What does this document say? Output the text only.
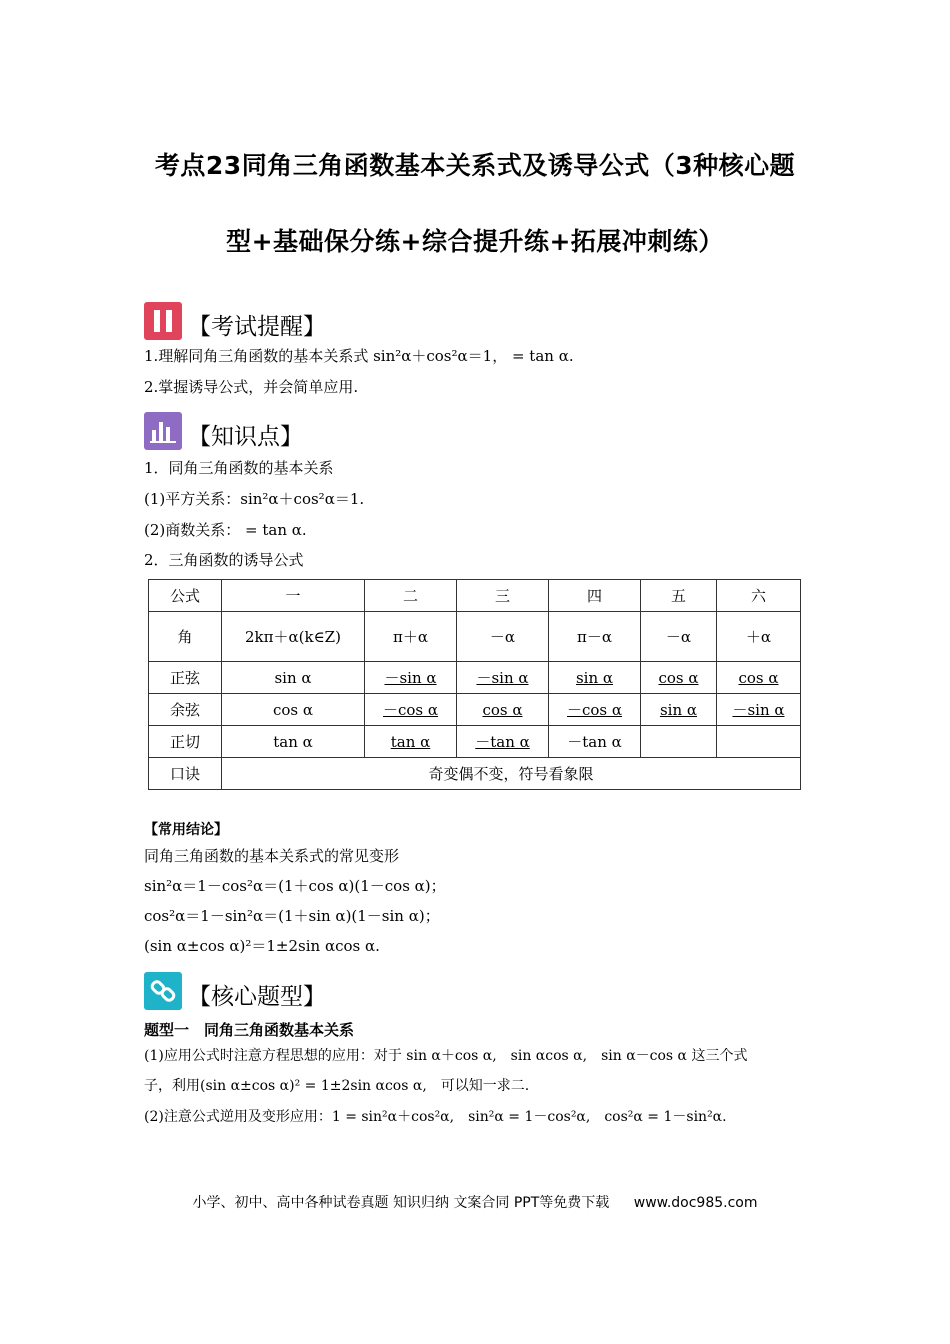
考点23同角三角函数基本关系式及诱导公式（3种核心题
型+基础保分练+综合提升练+拓展冲刺练）
【考试提醒】
1.理解同角三角函数的基本关系式 sin²α＋cos²α＝1， = tan α.
2.掌握诱导公式，并会简单应用.
【知识点】
1．同角三角函数的基本关系
(1)平方关系：sin²α＋cos²α＝1.
(2)商数关系： = tan α.
2．三角函数的诱导公式
公式	一	二	三	四	五	六
角	2kπ＋α(k∈Z)	π＋α	－α	π－α	－α	＋α
正弦	sin α	－sin α	－sin α	sin α	cos α	cos α
余弦	cos α	－cos α	cos α	－cos α	sin α	－sin α
正切	tan α	tan α	－tan α	－tan α		
口诀	奇变偶不变，符号看象限					
【常用结论】
同角三角函数的基本关系式的常见变形
sin²α＝1－cos²α＝(1＋cos α)(1－cos α)；
cos²α＝1－sin²α＝(1＋sin α)(1－sin α)；
(sin α±cos α)²＝1±2sin αcos α.
【核心题型】
题型一　同角三角函数基本关系
(1)应用公式时注意方程思想的应用：对于 sin α＋cos α,　sin αcos α,　sin α－cos α 这三个式
子，利用(sin α±cos α)² = 1±2sin αcos α,　可以知一求二.
(2)注意公式逆用及变形应用：1 = sin²α＋cos²α,　sin²α = 1－cos²α,　cos²α = 1－sin²α.
小学、初中、高中各种试卷真题 知识归纳 文案合同 PPT等免费下载 www.doc985.com
